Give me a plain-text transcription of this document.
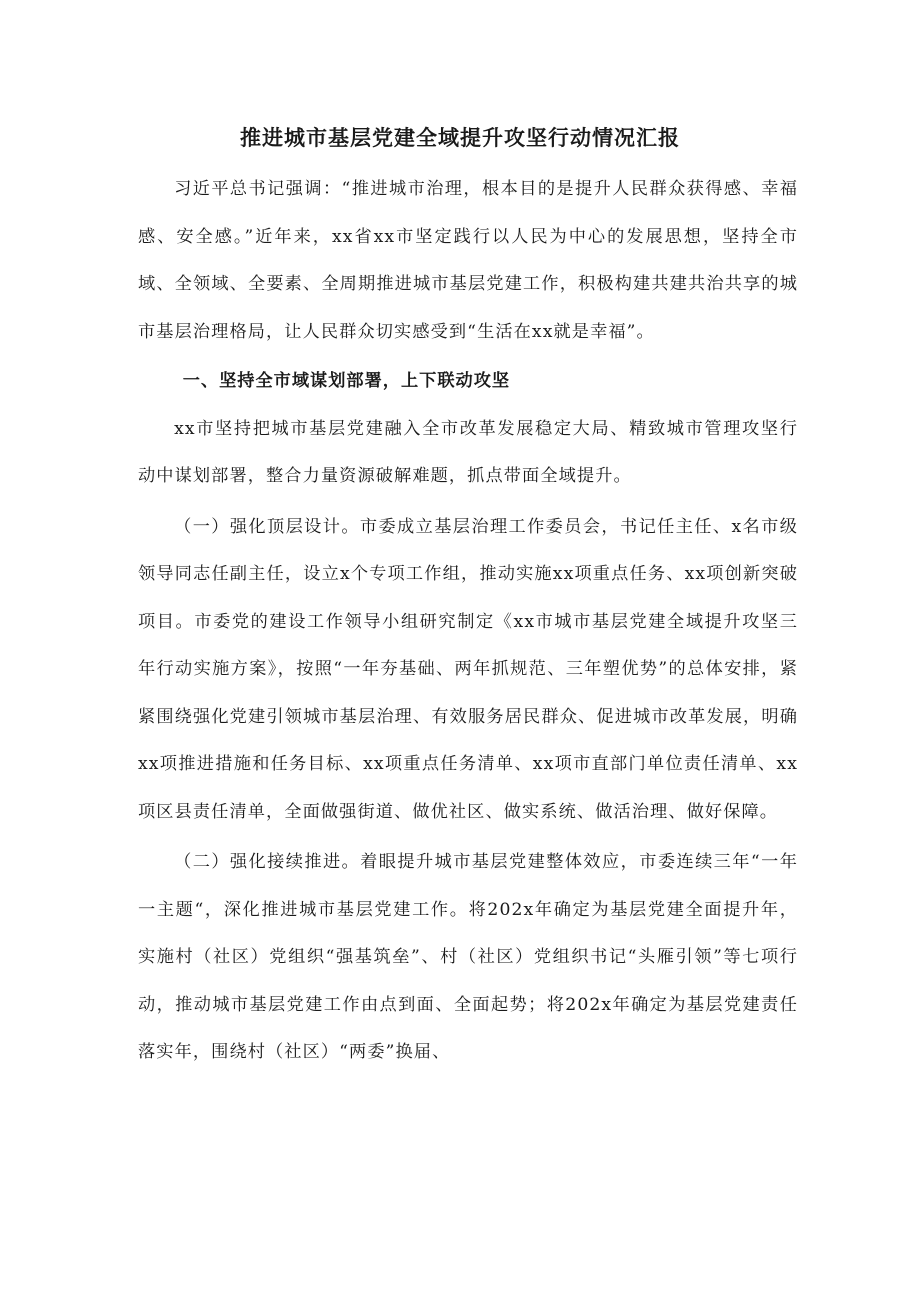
推进城市基层党建全域提升攻坚行动情况汇报

习近平总书记强调：“推进城市治理，根本目的是提升人民群众获得感、幸福感、安全感。”近年来，xx省xx市坚定践行以人民为中心的发展思想，坚持全市域、全领域、全要素、全周期推进城市基层党建工作，积极构建共建共治共享的城市基层治理格局，让人民群众切实感受到“生活在xx就是幸福”。

一、坚持全市域谋划部署，上下联动攻坚

xx市坚持把城市基层党建融入全市改革发展稳定大局、精致城市管理攻坚行动中谋划部署，整合力量资源破解难题，抓点带面全域提升。

（一）强化顶层设计。市委成立基层治理工作委员会，书记任主任、x名市级领导同志任副主任，设立x个专项工作组，推动实施xx项重点任务、xx项创新突破项目。市委党的建设工作领导小组研究制定《xx市城市基层党建全域提升攻坚三年行动实施方案》，按照“一年夯基础、两年抓规范、三年塑优势”的总体安排，紧紧围绕强化党建引领城市基层治理、有效服务居民群众、促进城市改革发展，明确xx项推进措施和任务目标、xx项重点任务清单、xx项市直部门单位责任清单、xx项区县责任清单，全面做强街道、做优社区、做实系统、做活治理、做好保障。

（二）强化接续推进。着眼提升城市基层党建整体效应，市委连续三年“一年一主题“，深化推进城市基层党建工作。将202x年确定为基层党建全面提升年，实施村（社区）党组织“强基筑垒”、村（社区）党组织书记“头雁引领”等七项行动，推动城市基层党建工作由点到面、全面起势；将202x年确定为基层党建责任落实年，围绕村（社区）“两委”换届、
